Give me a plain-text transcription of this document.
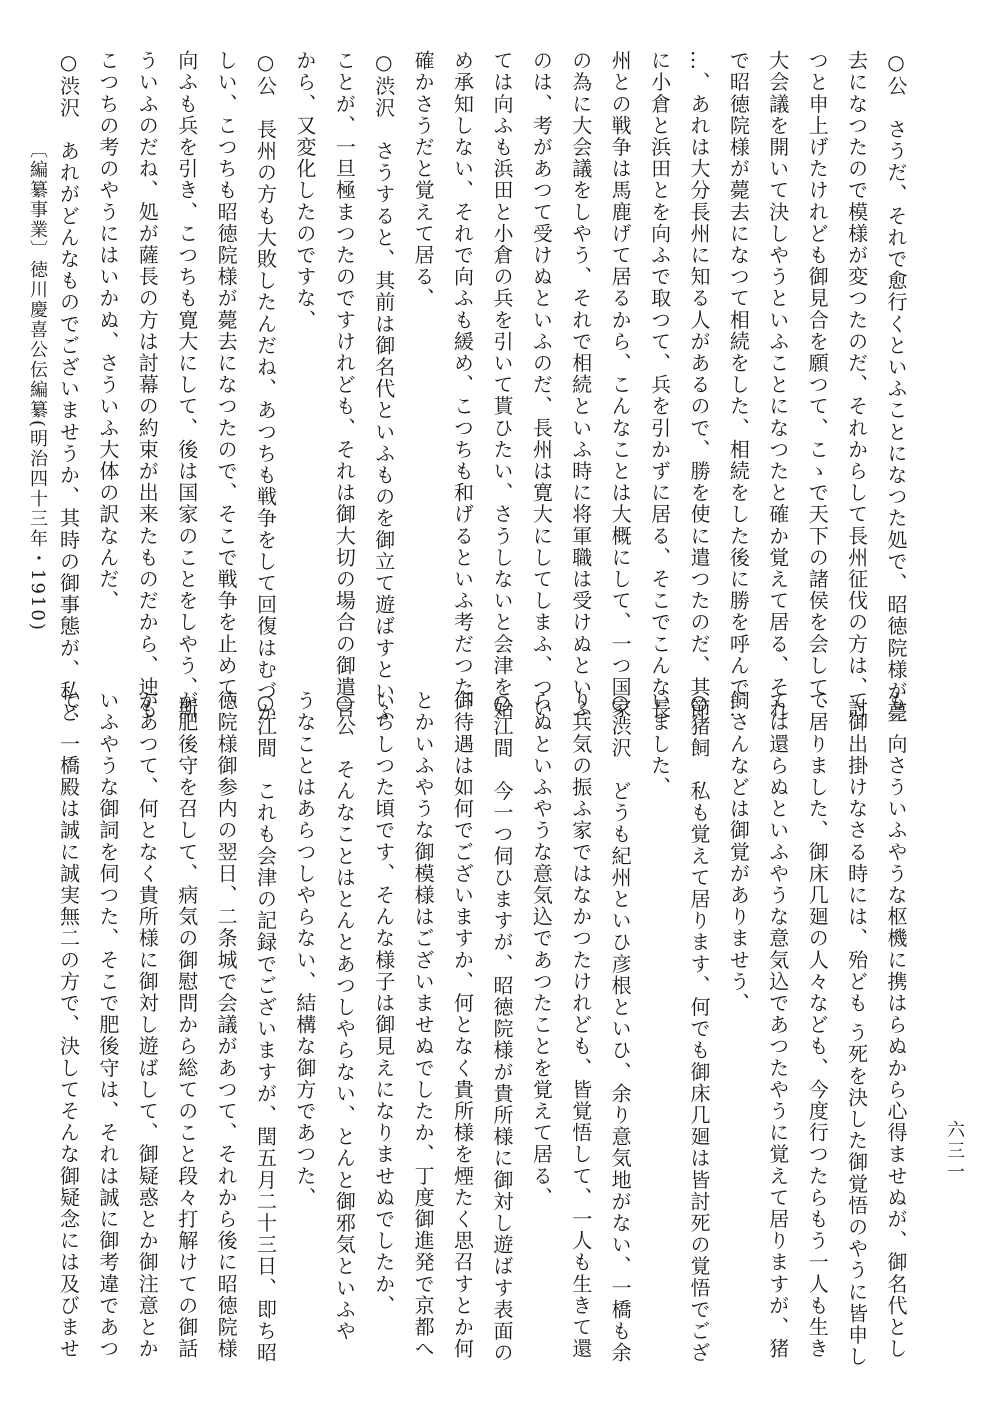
○公　さうだ、それで愈行くといふことになつた処で、昭徳院様が薨
去になつたので模様が変つたのだ、それからして長州征伐の方は、討
つと申上げたけれども御見合を願つて、こゝで天下の諸侯を会して、
大会議を開いて決しやうといふことになつたと確か覚えて居る、それ
で昭徳院様が薨去になつて相続をした、相続をした後に勝を呼んで…
…、あれは大分長州に知る人があるので、勝を使に遣つたのだ、其節
に小倉と浜田とを向ふで取つて、兵を引かずに居る、そこでこんな長
州との戦争は馬鹿げて居るから、こんなことは大概にして、一つ国家
の為に大会議をしやう、それで相続といふ時に将軍職は受けぬといふ
のは、考があつて受けぬといふのだ、長州は寛大にしてしまふ、つい
ては向ふも浜田と小倉の兵を引いて貰ひたい、さうしないと会津を始
め承知しない、それで向ふも緩め、こつちも和げるといふ考だつた、
確かさうだと覚えて居る、
○渋沢　さうすると、其前は御名代といふものを御立て遊ばすといふ
ことが、一旦極まつたのですけれども、それは御大切の場合の御遣言
から、又変化したのですな、
○公　長州の方も大敗したんだね、あつちも戦争をして回復はむづか
しい、こつちも昭徳院様が薨去になつたので、そこで戦争を止めて、
向ふも兵を引き、こつちも寛大にして、後は国家のことをしやう、斯
ういふのだね、処が薩長の方は討幕の約束が出来たものだから、迚も
こつちの考のやうにはいかぬ、さういふ大体の訳なんだ、
○渋沢　あれがどんなものでございませうか、其時の御事態が、私ど
も一向さういふやうな枢機に携はらぬから心得ませぬが、御名代とし
て御出掛けなさる時には、殆ども う死を決した御覚悟のやうに皆申し
て居りました、御床几廻の人々なども、今度行つたらもう一人も生き
ては還らぬといふやうな意気込であつたやうに覚えて居りますが、猪
飼さんなどは御覚がありませう、
○猪飼　私も覚えて居ります、何でも御床几廻は皆討死の覚悟でござ
いました、
○渋沢　どうも紀州といひ彦根といひ、余り意気地がない、一橋も余
り兵気の振ふ家ではなかつたけれども、皆覚悟して、一人も生きて還
らぬといふやうな意気込であつたことを覚えて居る、
○江間　今一つ伺ひますが、昭徳院様が貴所様に御対し遊ばす表面の
御待遇は如何でございますか、何となく貴所様を煙たく思召すとか何
とかいふやうな御模様はございませぬでしたか、丁度御進発で京都へ
いらしつた頃です、そんな様子は御見えになりませぬでしたか、
○公　そんなことはとんとあつしやらない、とんと御邪気といふや
うなことはあらつしやらない、結構な御方であつた、
○江間　これも会津の記録でございますが、閏五月二十三日、即ち昭
徳院様御参内の翌日、二条城で会議があつて、それから後に昭徳院様
が肥後守を召して、病気の御慰問から総てのこと段々打解けての御話
があつて、何となく貴所様に御対し遊ばして、御疑惑とか御注意とか
いふやうな御詞を伺つた、そこで肥後守は、それは誠に御考違であつ
て、一橋殿は誠に誠実無二の方で、決してそんな御疑念には及びませ
〔編纂事業〕徳川慶喜公伝編纂(明治四十三年・1910)
六三一
